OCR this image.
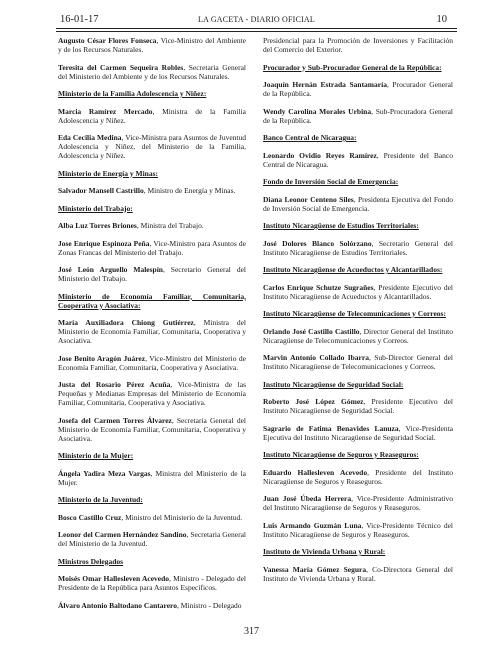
16-01-17	LA GACETA - DIARIO OFICIAL	10
Augusto César Flores Fonseca, Vice-Ministro del Ambiente y de los Recursos Naturales.
Teresita del Carmen Sequeira Robles, Secretaria General del Ministerio del Ambiente y de los Recursos Naturales.
Ministerio de la Familia Adolescencia y Niñez:
Marcia Ramírez Mercado, Ministra de la Familia Adolescencia y Niñez.
Eda Cecilia Medina, Vice-Ministra para Asuntos de Juventud Adolescencia y Niñez, del Ministerio de la Familia, Adolescencia y Niñez.
Ministerio de Energía y Minas:
Salvador Mansell Castrillo, Ministro de Energía y Minas.
Ministerio del Trabajo:
Alba Luz Torres Briones, Ministra del Trabajo.
Jose Enrique Espinoza Peña, Vice-Ministro para Asuntos de Zonas Francas del Ministerio del Trabajo.
José León Arguello Malespín, Secretario General del Ministerio del Trabajo.
Ministerio de Economía Familiar, Comunitaria, Cooperativa y Asociativa:
María Auxiliadora Chiong Gutiérrez, Ministra del Ministerio de Economía Familiar, Comunitaria, Cooperativa y Asociativa.
Jose Benito Aragón Juárez, Vice-Ministro del Ministerio de Economía Familiar, Comunitaria, Cooperativa y Asociativa.
Justa del Rosario Pérez Acuña, Vice-Ministra de las Pequeñas y Medianas Empresas del Ministerio de Economía Familiar, Comunitaria, Cooperativa y Asociativa.
Josefa del Carmen Torres Álvarez, Secretaria General del Ministerio de Economía Familiar, Comunitaria, Cooperativa y Asociativa.
Ministerio de la Mujer:
Ángela Yadira Meza Vargas, Ministra del Ministerio de la Mujer.
Ministerio de la Juventud:
Bosco Castillo Cruz, Ministro del Ministerio de la Juventud.
Leonor del Carmen Hernández Sandino, Secretaria General del Ministerio de la Juventud.
Ministros Delegados
Moisés Omar Hallesleven Acevedo, Ministro - Delegado del Presidente de la República para Asuntos Específicos.
Álvaro Antonio Baltodano Cantarero, Ministro - Delegado
Presidencial para la Promoción de Inversiones y Facilitación del Comercio del Exterior.
Procurador y Sub-Procurador General de la República:
Joaquín Hernán Estrada Santamaría, Procurador General de la República.
Wendy Carolina Morales Urbina, Sub-Procuradora General de la República.
Banco Central de Nicaragua:
Leonardo Ovidio Reyes Ramírez, Presidente del Banco Central de Nicaragua.
Fondo de Inversión Social de Emergencia:
Diana Leonor Centeno Siles, Presidenta Ejecutiva del Fondo de Inversión Social de Emergencia.
Instituto Nicaragüense de Estudios Territoriales:
José Dolores Blanco Solórzano, Secretario General del Instituto Nicaragüense de Estudios Territoriales.
Instituto Nicaragüense de Acueductos y Alcantarillados:
Carlos Enrique Schutze Sugrañes, Presidente Ejecutivo del Instituto Nicaragüense de Acueductos y Alcantarillados.
Instituto Nicaragüense de Telecomunicaciones y Correos:
Orlando José Castillo Castillo, Director General del Instituto Nicaragüense de Telecomunicaciones y Correos.
Marvin Antonio Collado Ibarra, Sub-Director General del Instituto Nicaragüense de Telecomunicaciones y Correos.
Instituto Nicaragüense de Seguridad Social:
Roberto José López Gómez, Presidente Ejecutivo del Instituto Nicaragüense de Seguridad Social.
Sagrario de Fatima Benavides Lanuza, Vice-Presidenta Ejecutiva del Instituto Nicaragüense de Seguridad Social.
Instituto Nicaragüense de Seguros y Reaseguros:
Eduardo Hallesleven Acevedo, Presidente del Instituto Nicaragüense de Seguros y Reaseguros.
Juan José Úbeda Herrera, Vice-Presidente Administrativo del Instituto Nicaragüense de Seguros y Reaseguros.
Luis Armando Guzmán Luna, Vice-Presidente Técnico del Instituto Nicaragüense de Seguros y Reaseguros.
Instituto de Vivienda Urbana y Rural:
Vanessa María Gómez Segura, Co-Directora General del Instituto de Vivienda Urbana y Rural.
317
